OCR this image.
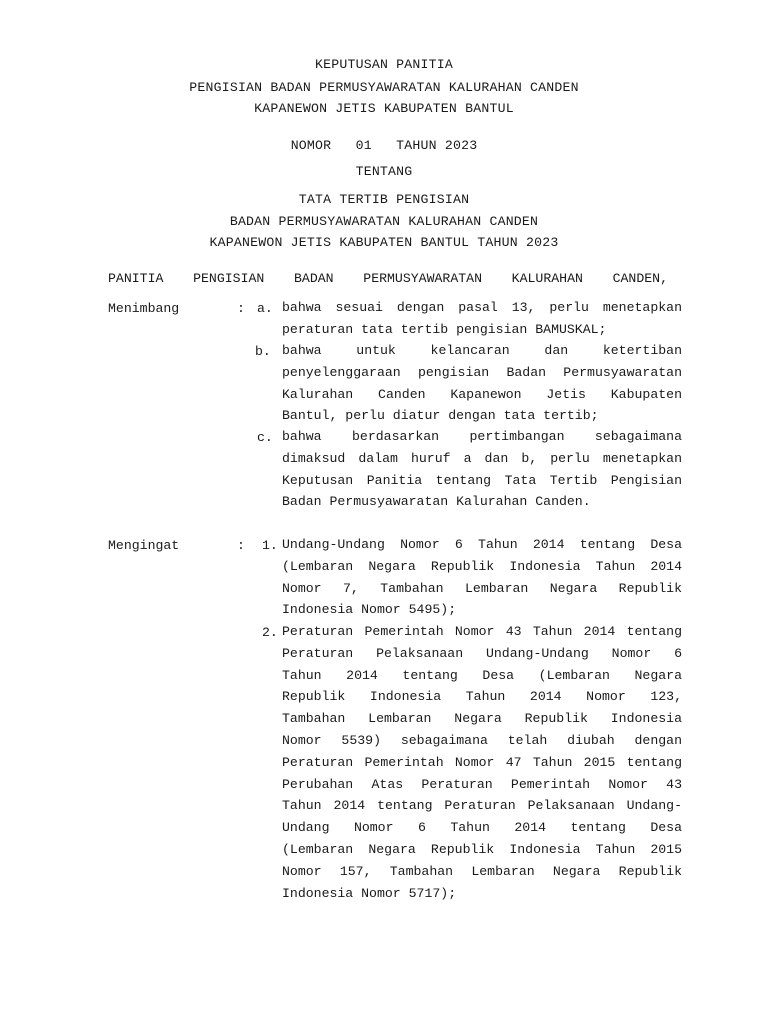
KEPUTUSAN PANITIA
PENGISIAN BADAN PERMUSYAWARATAN KALURAHAN CANDEN
KAPANEWON JETIS KABUPATEN BANTUL
NOMOR   01   TAHUN 2023
TENTANG
TATA TERTIB PENGISIAN
BADAN PERMUSYAWARATAN KALURAHAN CANDEN
KAPANEWON JETIS KABUPATEN BANTUL TAHUN 2023
PANITIA PENGISIAN BADAN PERMUSYAWARATAN KALURAHAN CANDEN,
Menimbang	: a.
b.
c.
bahwa sesuai dengan pasal 13, perlu menetapkan
peraturan tata tertib pengisian BAMUSKAL;
bahwa untuk kelancaran dan ketertiban
penyelenggaraan pengisian Badan Permusyawaratan
Kalurahan Canden Kapanewon Jetis Kabupaten
Bantul, perlu diatur dengan tata tertib;
bahwa berdasarkan pertimbangan sebagaimana
dimaksud dalam huruf a dan b, perlu menetapkan
Keputusan Panitia tentang Tata Tertib Pengisian
Badan Permusyawaratan Kalurahan Canden.
Mengingat	: 1.
2.
Undang-Undang Nomor 6 Tahun 2014 tentang Desa
(Lembaran Negara Republik Indonesia Tahun 2014
Nomor 7, Tambahan Lembaran Negara Republik
Indonesia Nomor 5495);
Peraturan Pemerintah Nomor 43 Tahun 2014 tentang
Peraturan Pelaksanaan Undang-Undang Nomor 6
Tahun 2014 tentang Desa (Lembaran Negara
Republik Indonesia Tahun 2014 Nomor 123,
Tambahan Lembaran Negara Republik Indonesia
Nomor 5539) sebagaimana telah diubah dengan
Peraturan Pemerintah Nomor 47 Tahun 2015 tentang
Perubahan Atas Peraturan Pemerintah Nomor 43
Tahun 2014 tentang Peraturan Pelaksanaan Undang-
Undang Nomor 6 Tahun 2014 tentang Desa
(Lembaran Negara Republik Indonesia Tahun 2015
Nomor 157, Tambahan Lembaran Negara Republik
Indonesia Nomor 5717);
